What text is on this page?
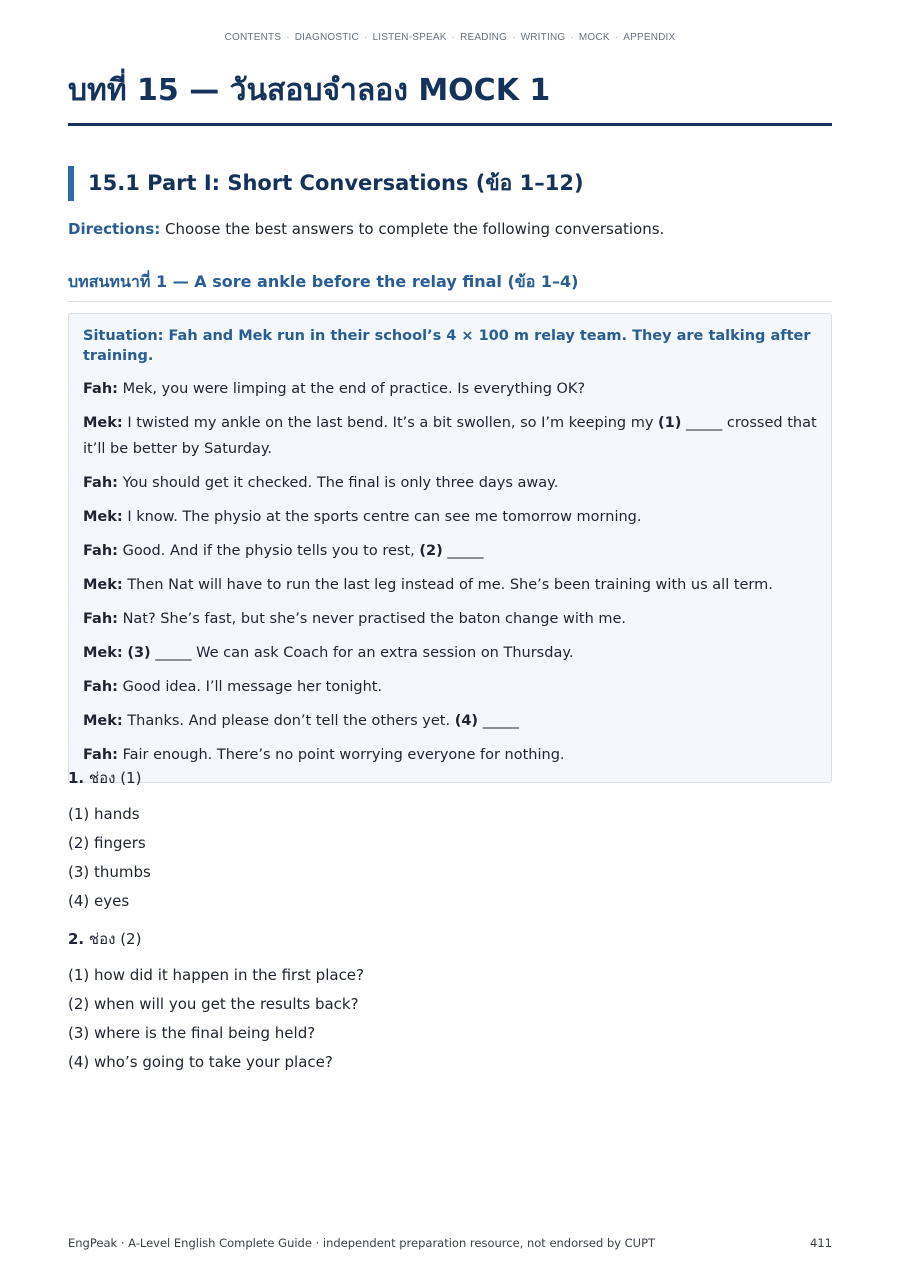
CONTENTS · DIAGNOSTIC · LISTEN-SPEAK · READING · WRITING · MOCK · APPENDIX
บทที่ 15 — วันสอบจำลอง MOCK 1
15.1 Part I: Short Conversations (ข้อ 1–12)
Directions: Choose the best answers to complete the following conversations.
บทสนทนาที่ 1 — A sore ankle before the relay final (ข้อ 1–4)

Situation: Fah and Mek run in their school’s 4 × 100 m relay team. They are talking after training.

Fah: Mek, you were limping at the end of practice. Is everything OK?

Mek: I twisted my ankle on the last bend. It’s a bit swollen, so I’m keeping my (1) _____ crossed that it’ll be better by Saturday.

Fah: You should get it checked. The final is only three days away.

Mek: I know. The physio at the sports centre can see me tomorrow morning.

Fah: Good. And if the physio tells you to rest, (2) _____

Mek: Then Nat will have to run the last leg instead of me. She’s been training with us all term.

Fah: Nat? She’s fast, but she’s never practised the baton change with me.

Mek: (3) _____ We can ask Coach for an extra session on Thursday.

Fah: Good idea. I’ll message her tonight.

Mek: Thanks. And please don’t tell the others yet. (4) _____

Fah: Fair enough. There’s no point worrying everyone for nothing.

1. ช่อง (1)

(1) hands

(2) fingers

(3) thumbs

(4) eyes

2. ช่อง (2)

(1) how did it happen in the first place?

(2) when will you get the results back?

(3) where is the final being held?

(4) who’s going to take your place?

EngPeak · A-Level English Complete Guide · independent preparation resource, not endorsed by CUPT	411
